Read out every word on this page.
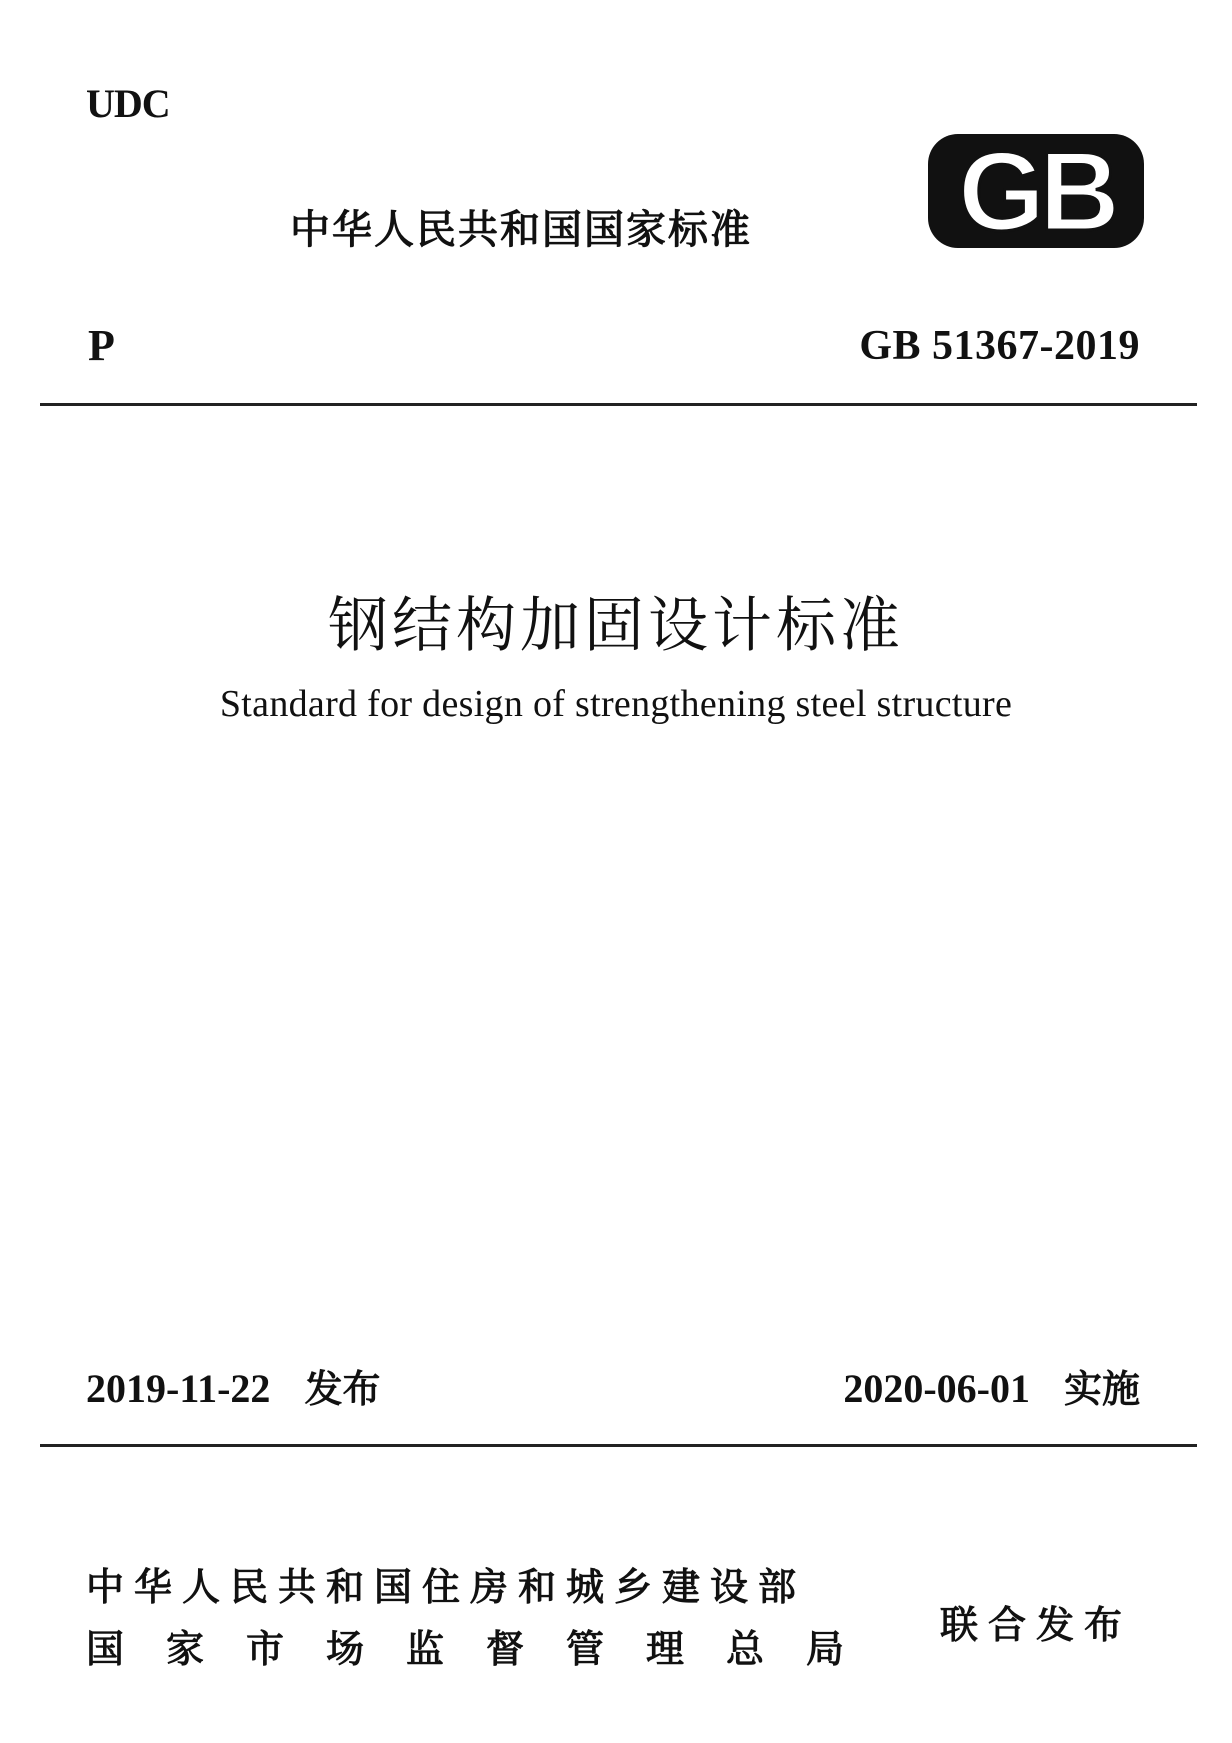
UDC
中华人民共和国国家标准 GB
P	GB 51367-2019
钢结构加固设计标准
Standard for design of strengthening steel structure
2019-11-22 发布	2020-06-01 实施
中华人民共和国住房和城乡建设部
国家市场监督管理总局
联合发布
